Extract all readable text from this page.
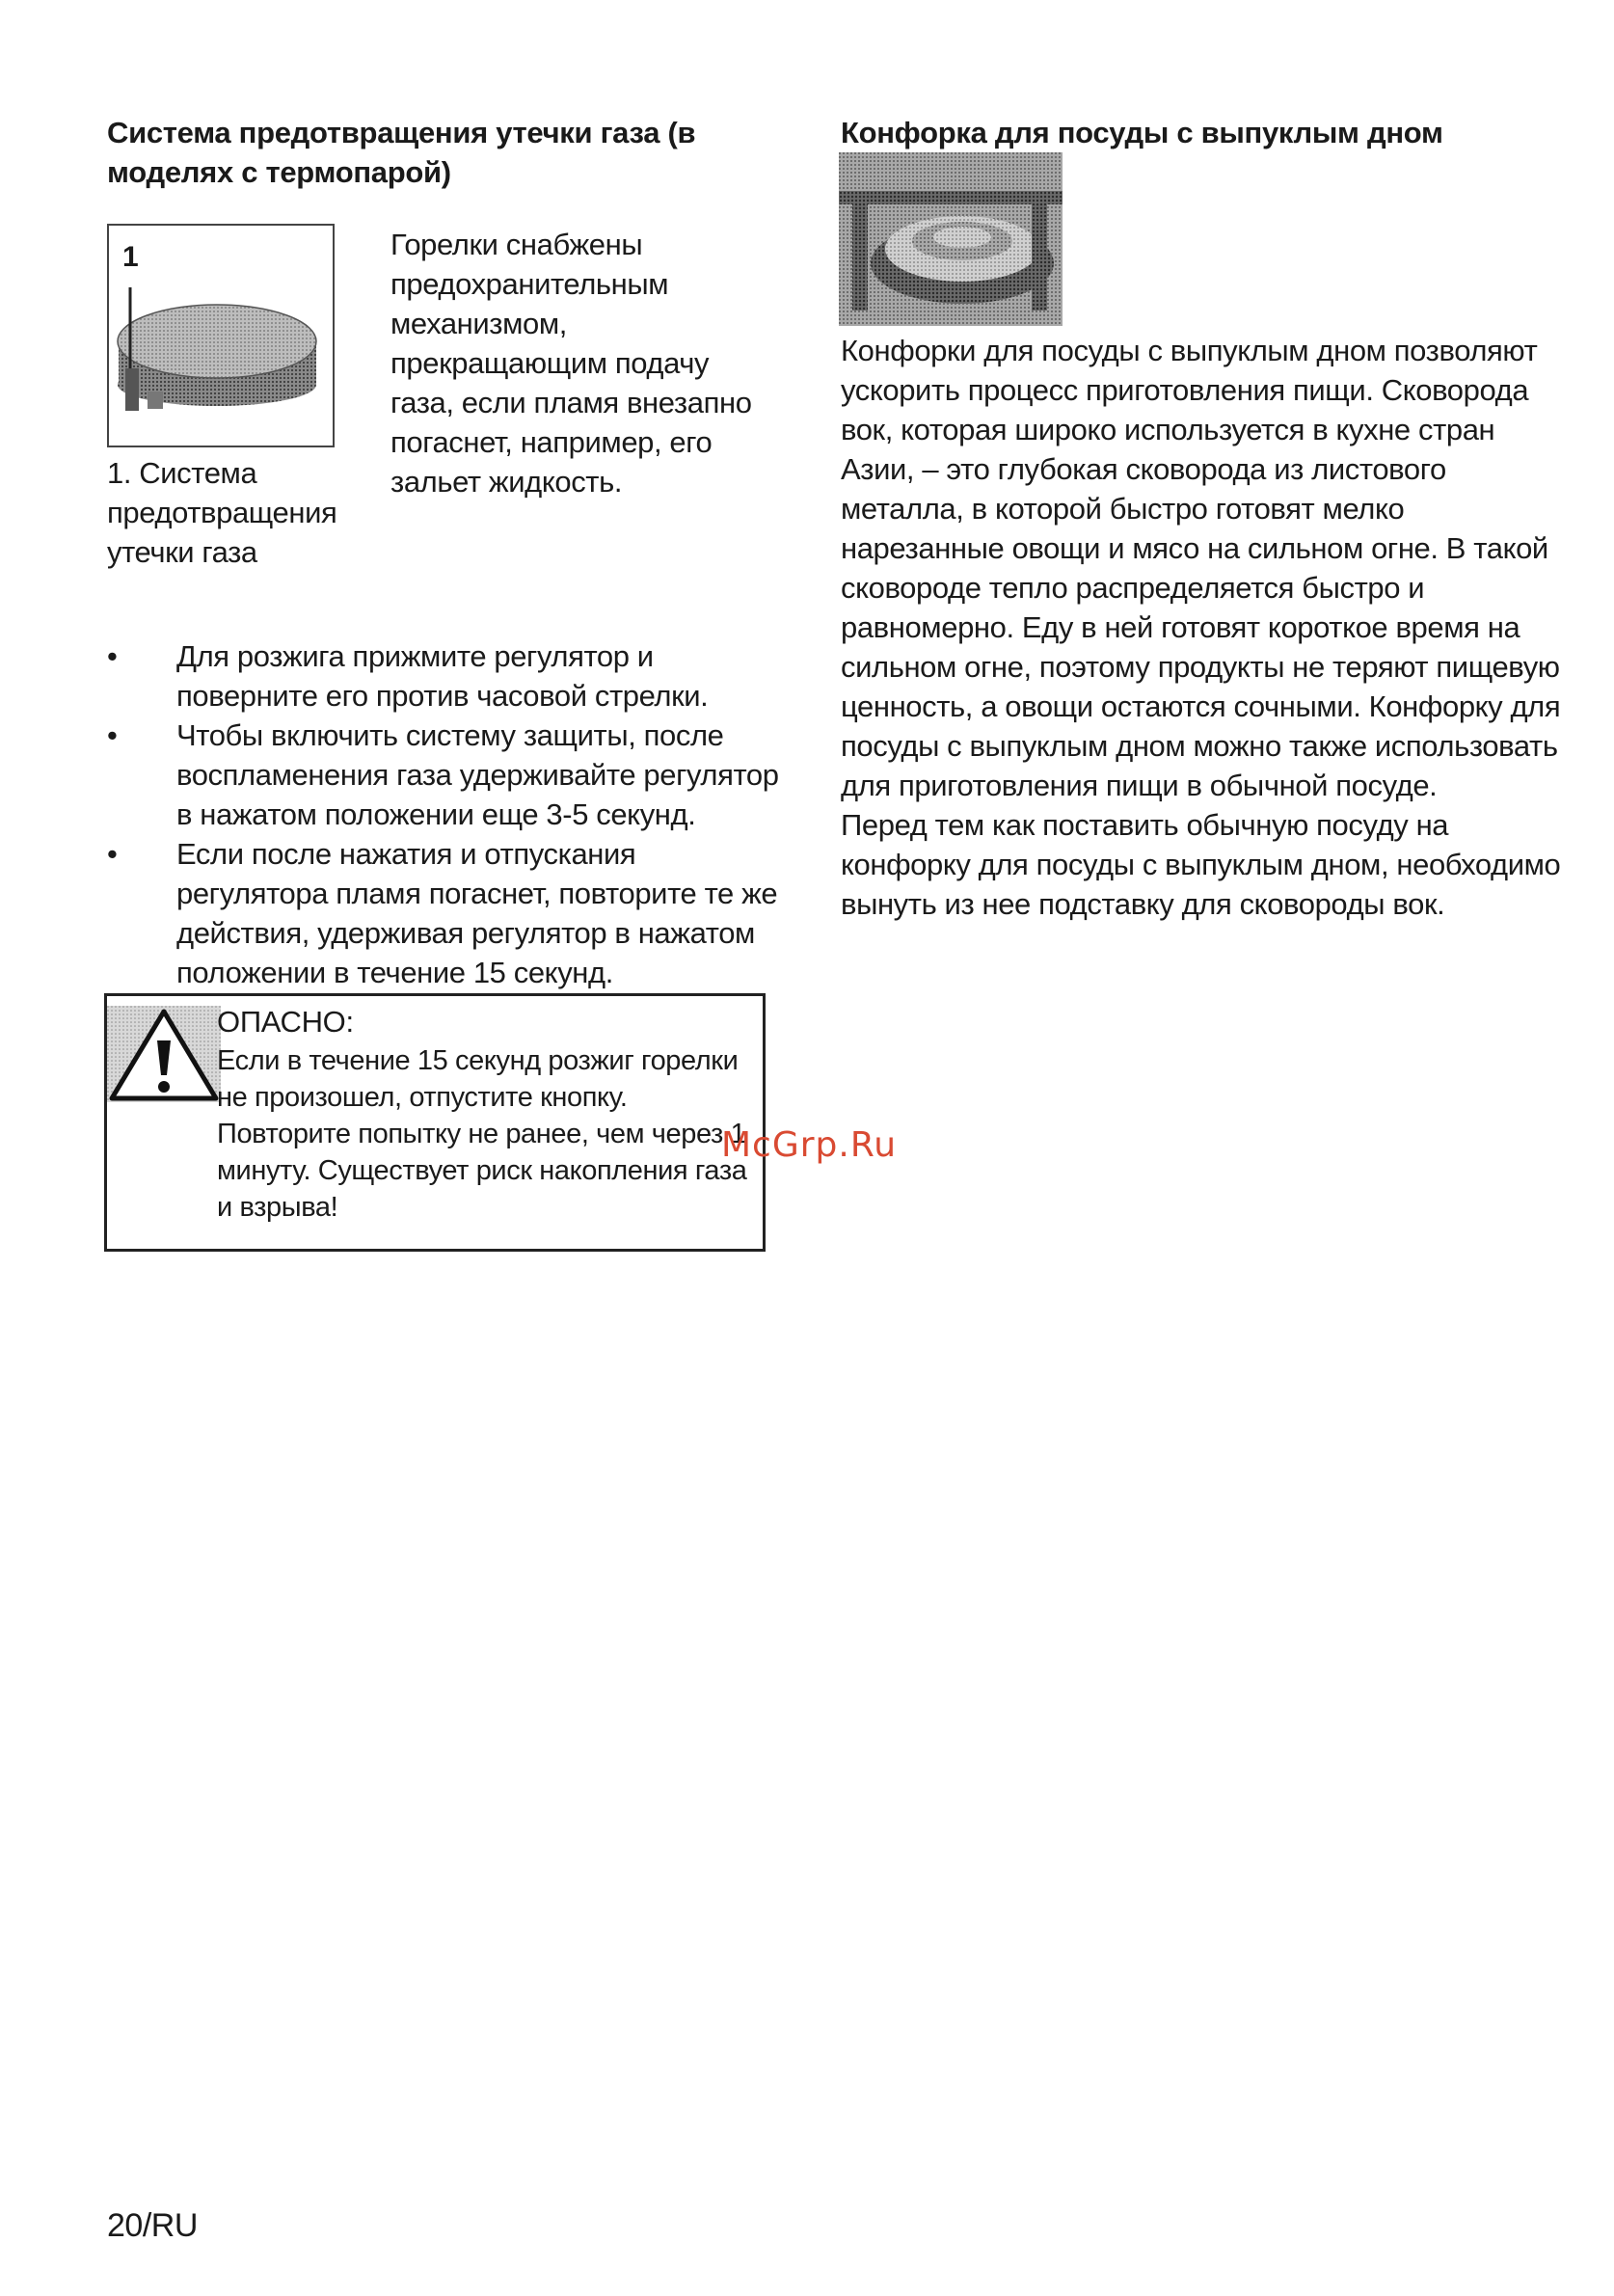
Система предотвращения утечки газа (в моделях с термопарой)
1
1. Система предотвращения утечки газа
Горелки снабжены предохранительным механизмом, прекращающим подачу газа, если пламя внезапно погаснет, например, его зальет жидкость.
• Для розжига прижмите регулятор и поверните его против часовой стрелки.
• Чтобы включить систему защиты, после воспламенения газа удерживайте регулятор в нажатом положении еще 3-5 секунд.
• Если после нажатия и отпускания регулятора пламя погаснет, повторите те же действия, удерживая регулятор в нажатом положении в течение 15 секунд.
ОПАСНО:
Если в течение 15 секунд розжиг горелки не произошел, отпустите кнопку. Повторите попытку не ранее, чем через 1 минуту. Существует риск накопления газа и взрыва!
Конфорка для посуды с выпуклым дном
Конфорки для посуды с выпуклым дном позволяют ускорить процесс приготовления пищи. Сковорода вок, которая широко используется в кухне стран Азии, – это глубокая сковорода из листового металла, в которой быстро готовят мелко нарезанные овощи и мясо на сильном огне. В такой сковороде тепло распределяется быстро и равномерно. Еду в ней готовят короткое время на сильном огне, поэтому продукты не теряют пищевую ценность, а овощи остаются сочными. Конфорку для посуды с выпуклым дном можно также использовать для приготовления пищи в обычной посуде.
Перед тем как поставить обычную посуду на конфорку для посуды с выпуклым дном, необходимо вынуть из нее подставку для сковороды вок.
McGrp.Ru
20/RU
